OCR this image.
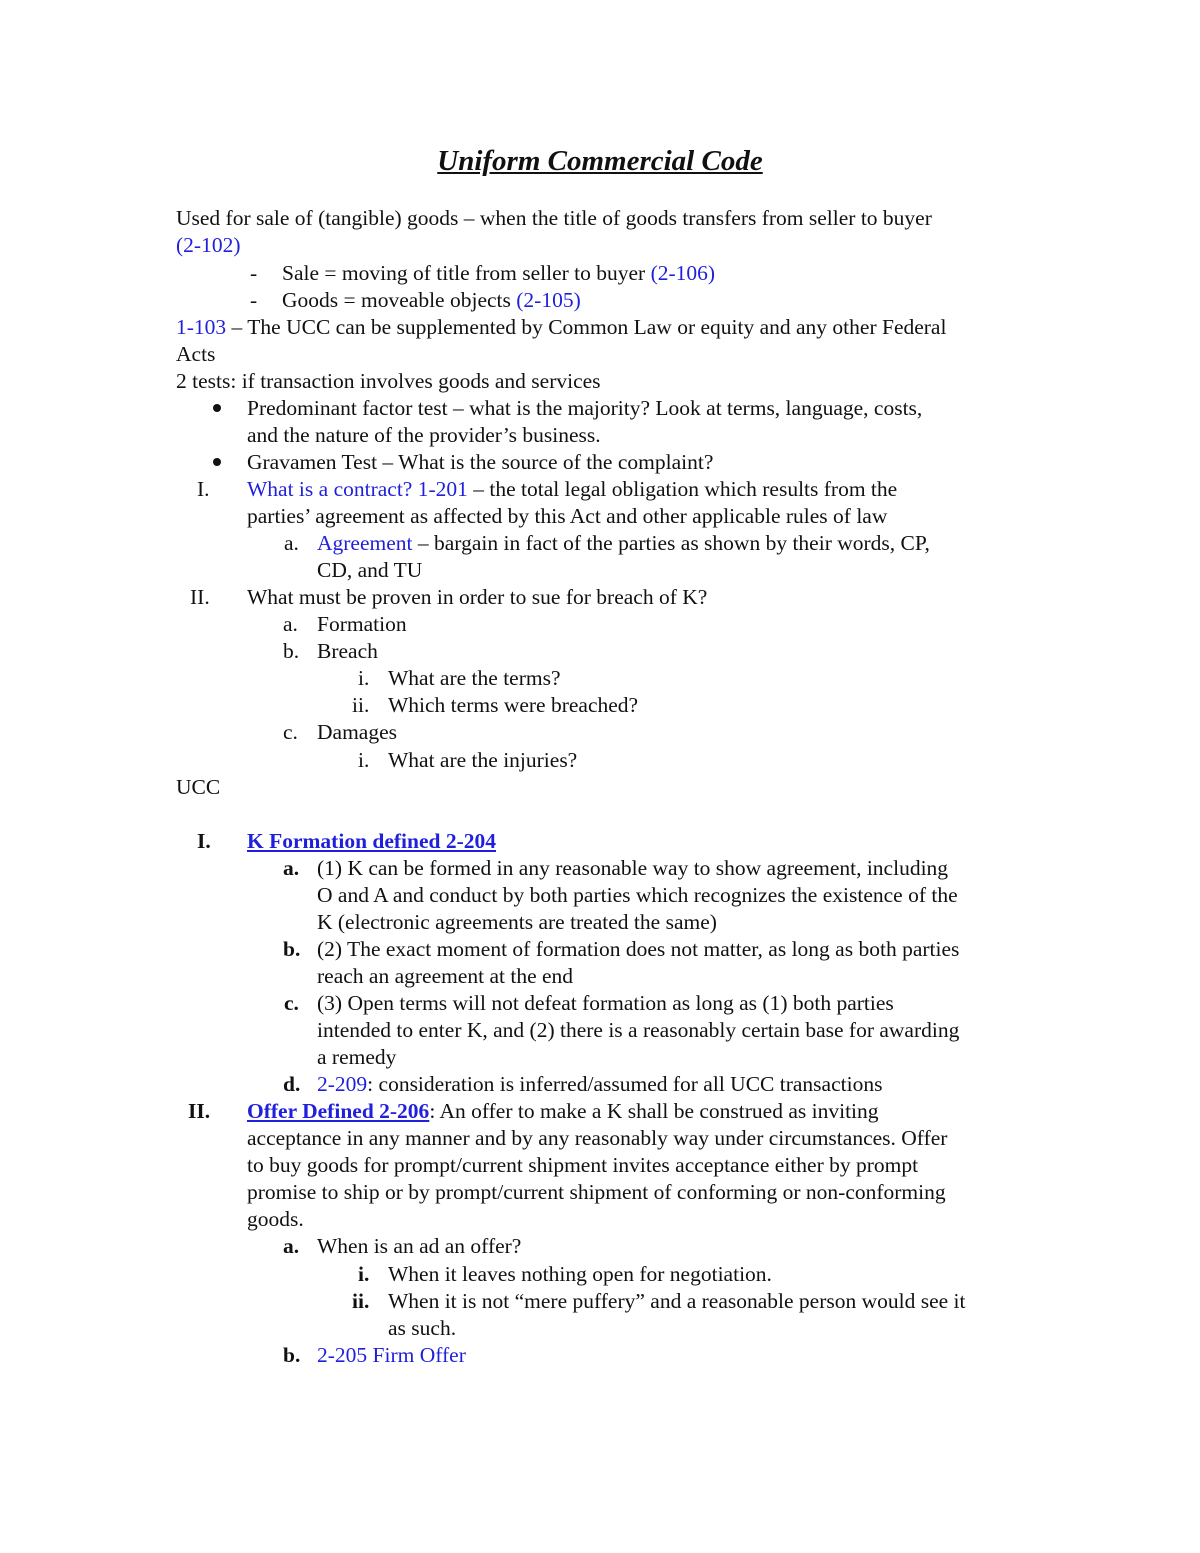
Uniform Commercial Code
Used for sale of (tangible) goods – when the title of goods transfers from seller to buyer
(2-102)
- Sale = moving of title from seller to buyer (2-106)
- Goods = moveable objects (2-105)
1-103 – The UCC can be supplemented by Common Law or equity and any other Federal
Acts
2 tests: if transaction involves goods and services
Predominant factor test – what is the majority? Look at terms, language, costs,
and the nature of the provider’s business.
Gravamen Test – What is the source of the complaint?
I. What is a contract? 1-201 – the total legal obligation which results from the
parties’ agreement as affected by this Act and other applicable rules of law
a. Agreement – bargain in fact of the parties as shown by their words, CP,
CD, and TU
II. What must be proven in order to sue for breach of K?
a. Formation
b. Breach
i. What are the terms?
ii. Which terms were breached?
c. Damages
i. What are the injuries?
UCC
I. K Formation defined 2-204
a. (1) K can be formed in any reasonable way to show agreement, including
O and A and conduct by both parties which recognizes the existence of the
K (electronic agreements are treated the same)
b. (2) The exact moment of formation does not matter, as long as both parties
reach an agreement at the end
c. (3) Open terms will not defeat formation as long as (1) both parties
intended to enter K, and (2) there is a reasonably certain base for awarding
a remedy
d. 2-209: consideration is inferred/assumed for all UCC transactions
II. Offer Defined 2-206: An offer to make a K shall be construed as inviting
acceptance in any manner and by any reasonably way under circumstances. Offer
to buy goods for prompt/current shipment invites acceptance either by prompt
promise to ship or by prompt/current shipment of conforming or non-conforming
goods.
a. When is an ad an offer?
i. When it leaves nothing open for negotiation.
ii. When it is not “mere puffery” and a reasonable person would see it
as such.
b. 2-205 Firm Offer
